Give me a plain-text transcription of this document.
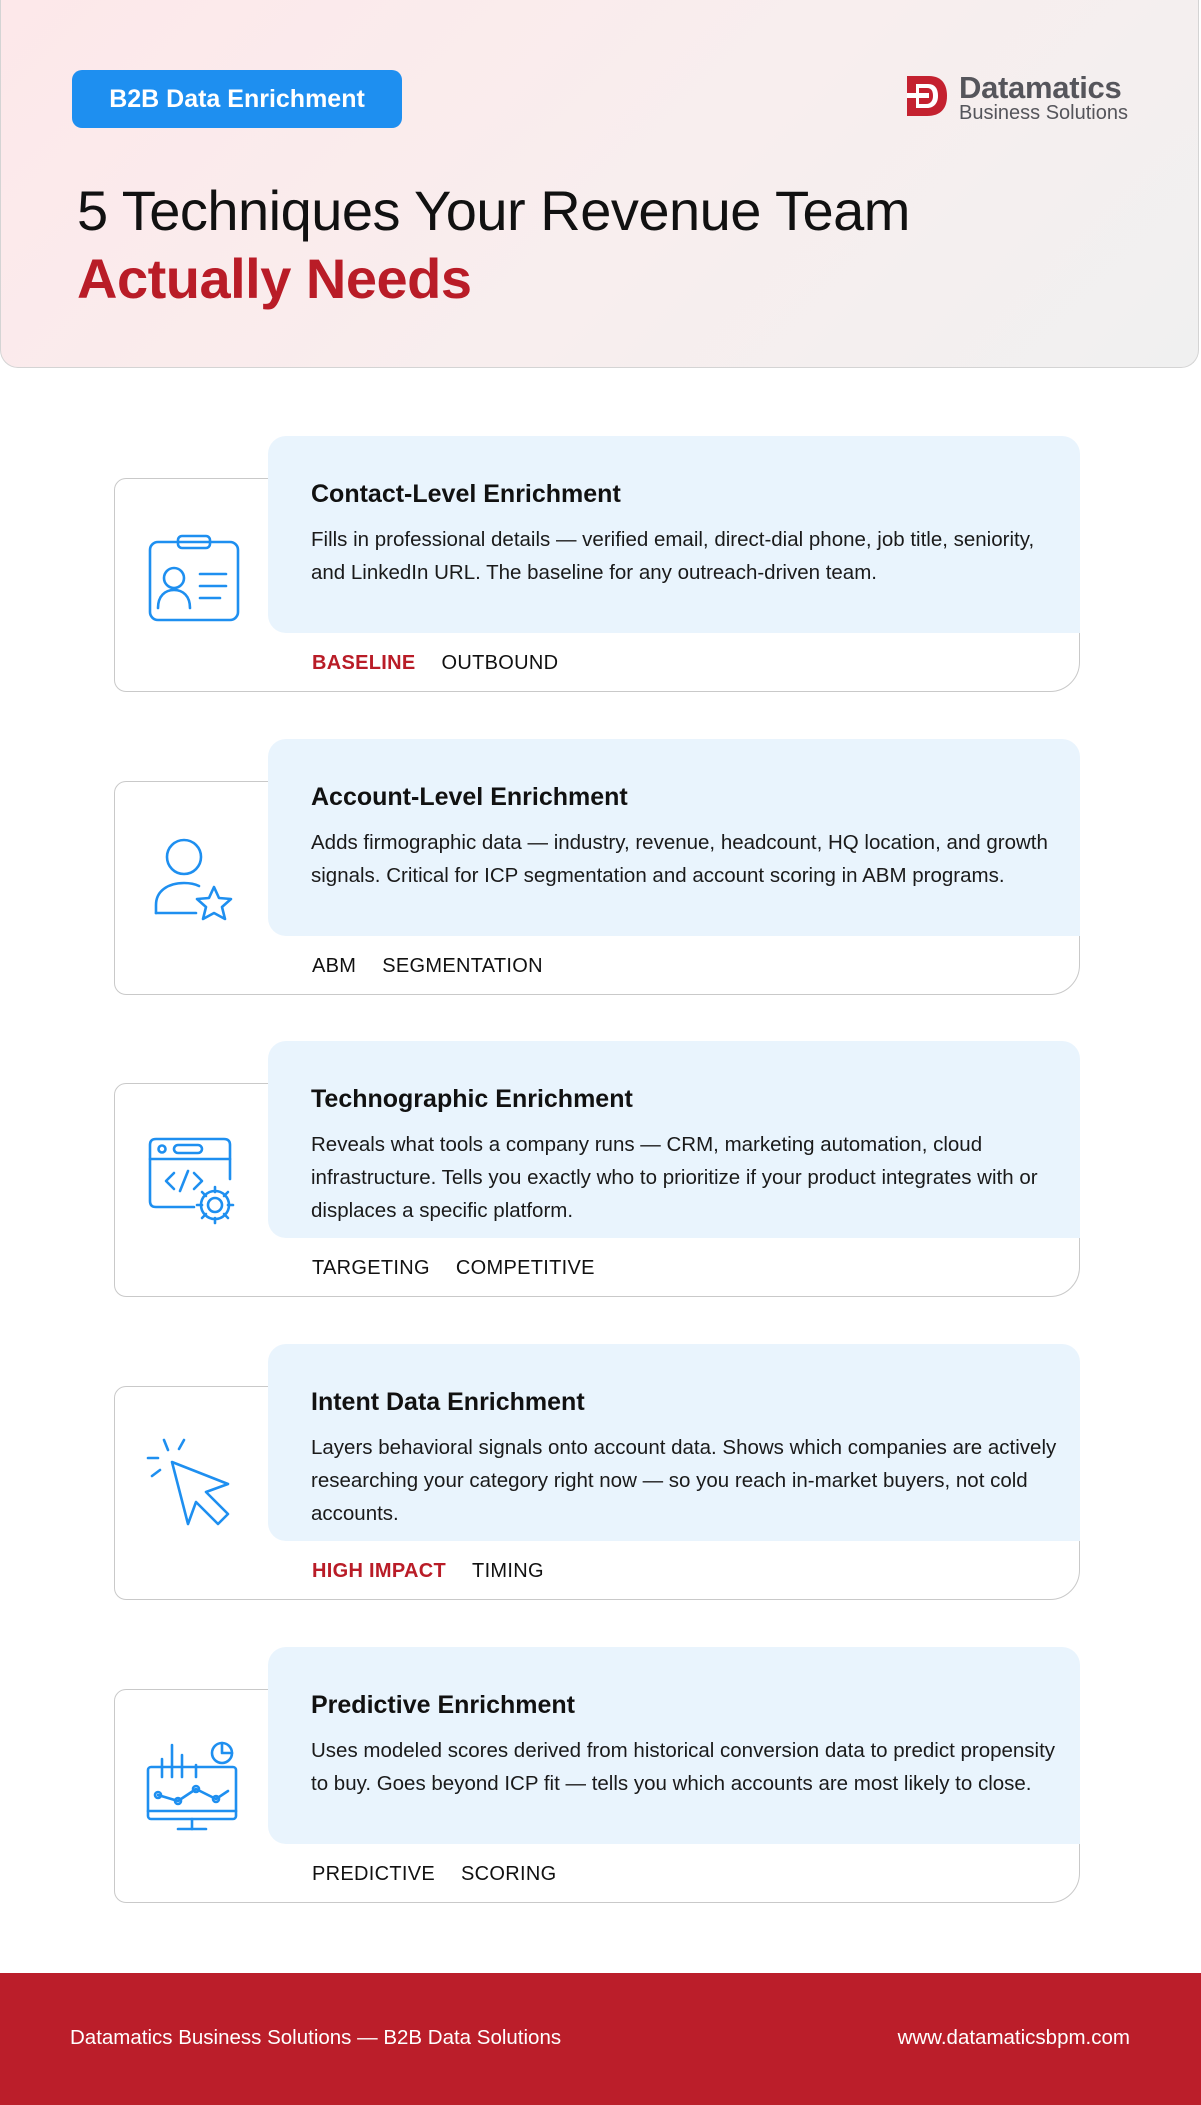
B2B Data Enrichment	Datamatics
Business Solutions
5 Techniques Your Revenue Team
Actually Needs
Contact-Level Enrichment
Fills in professional details — verified email, direct-dial phone, job title, seniority, and LinkedIn URL. The baseline for any outreach-driven team.
BASELINE OUTBOUND
Account-Level Enrichment
Adds firmographic data — industry, revenue, headcount, HQ location, and growth signals. Critical for ICP segmentation and account scoring in ABM programs.
ABM SEGMENTATION
Technographic Enrichment
Reveals what tools a company runs — CRM, marketing automation, cloud infrastructure. Tells you exactly who to prioritize if your product integrates with or displaces a specific platform.
TARGETING COMPETITIVE
Intent Data Enrichment
Layers behavioral signals onto account data. Shows which companies are actively researching your category right now — so you reach in-market buyers, not cold accounts.
HIGH IMPACT TIMING
Predictive Enrichment
Uses modeled scores derived from historical conversion data to predict propensity to buy. Goes beyond ICP fit — tells you which accounts are most likely to close.
PREDICTIVE SCORING
Datamatics Business Solutions — B2B Data Solutions	www.datamaticsbpm.com
